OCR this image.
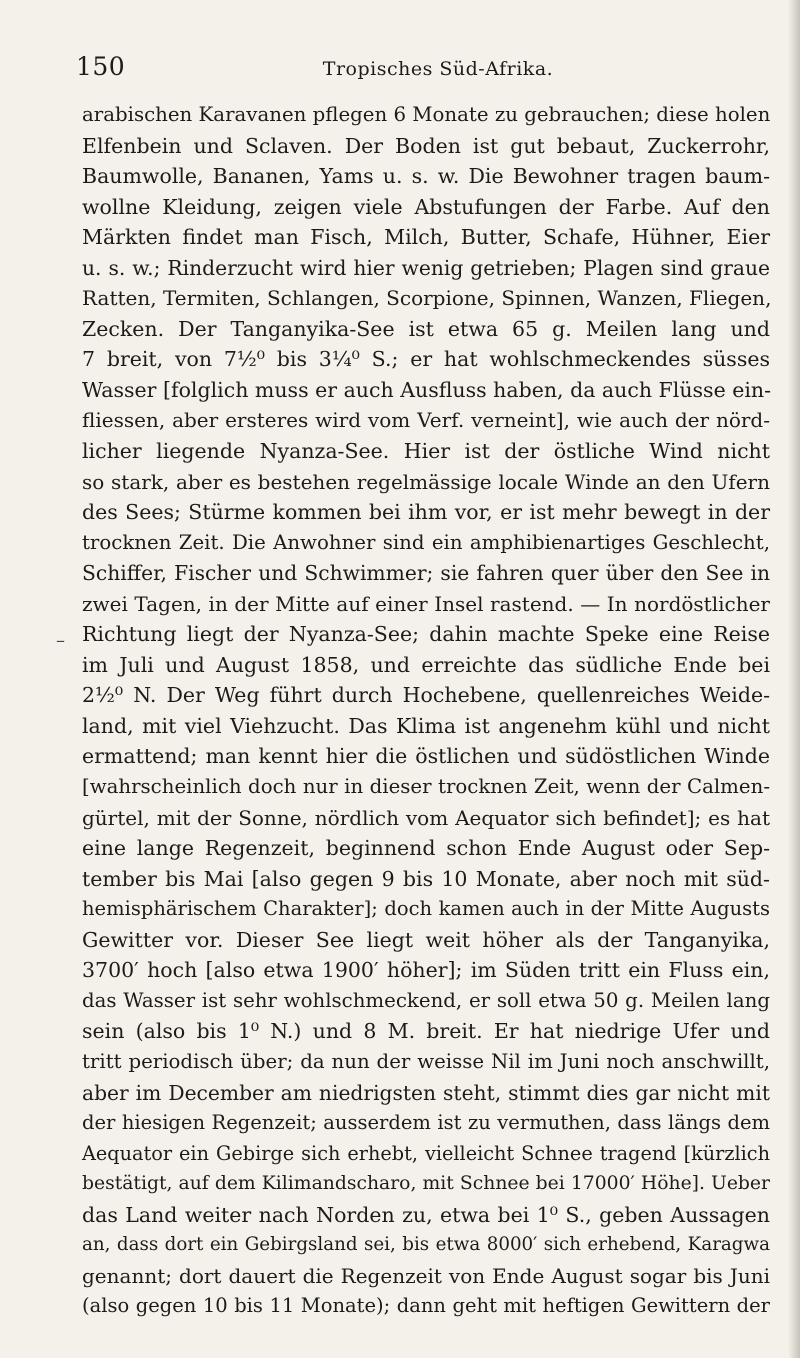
150	Tropisches Süd-Afrika.
–
arabischen Karavanen pflegen 6 Monate zu gebrauchen; diese holen
Elfenbein und Sclaven. Der Boden ist gut bebaut, Zuckerrohr,
Baumwolle, Bananen, Yams u. s. w. Die Bewohner tragen baum-
wollne Kleidung, zeigen viele Abstufungen der Farbe. Auf den
Märkten findet man Fisch, Milch, Butter, Schafe, Hühner, Eier
u. s. w.; Rinderzucht wird hier wenig getrieben; Plagen sind graue
Ratten, Termiten, Schlangen, Scorpione, Spinnen, Wanzen, Fliegen,
Zecken. Der Tanganyika-See ist etwa 65 g. Meilen lang und
7 breit, von 7½⁰ bis 3¼⁰ S.; er hat wohlschmeckendes süsses
Wasser [folglich muss er auch Ausfluss haben, da auch Flüsse ein-
fliessen, aber ersteres wird vom Verf. verneint], wie auch der nörd-
licher liegende Nyanza-See. Hier ist der östliche Wind nicht
so stark, aber es bestehen regelmässige locale Winde an den Ufern
des Sees; Stürme kommen bei ihm vor, er ist mehr bewegt in der
trocknen Zeit. Die Anwohner sind ein amphibienartiges Geschlecht,
Schiffer, Fischer und Schwimmer; sie fahren quer über den See in
zwei Tagen, in der Mitte auf einer Insel rastend. — In nordöstlicher
Richtung liegt der Nyanza-See; dahin machte Speke eine Reise
im Juli und August 1858, und erreichte das südliche Ende bei
2½⁰ N. Der Weg führt durch Hochebene, quellenreiches Weide-
land, mit viel Viehzucht. Das Klima ist angenehm kühl und nicht
ermattend; man kennt hier die östlichen und südöstlichen Winde
[wahrscheinlich doch nur in dieser trocknen Zeit, wenn der Calmen-
gürtel, mit der Sonne, nördlich vom Aequator sich befindet]; es hat
eine lange Regenzeit, beginnend schon Ende August oder Sep-
tember bis Mai [also gegen 9 bis 10 Monate, aber noch mit süd-
hemisphärischem Charakter]; doch kamen auch in der Mitte Augusts
Gewitter vor. Dieser See liegt weit höher als der Tanganyika,
3700′ hoch [also etwa 1900′ höher]; im Süden tritt ein Fluss ein,
das Wasser ist sehr wohlschmeckend, er soll etwa 50 g. Meilen lang
sein (also bis 1⁰ N.) und 8 M. breit. Er hat niedrige Ufer und
tritt periodisch über; da nun der weisse Nil im Juni noch anschwillt,
aber im December am niedrigsten steht, stimmt dies gar nicht mit
der hiesigen Regenzeit; ausserdem ist zu vermuthen, dass längs dem
Aequator ein Gebirge sich erhebt, vielleicht Schnee tragend [kürzlich
bestätigt, auf dem Kilimandscharo, mit Schnee bei 17000′ Höhe]. Ueber
das Land weiter nach Norden zu, etwa bei 1⁰ S., geben Aussagen
an, dass dort ein Gebirgsland sei, bis etwa 8000′ sich erhebend, Karagwa
genannt; dort dauert die Regenzeit von Ende August sogar bis Juni
(also gegen 10 bis 11 Monate); dann geht mit heftigen Gewittern der
